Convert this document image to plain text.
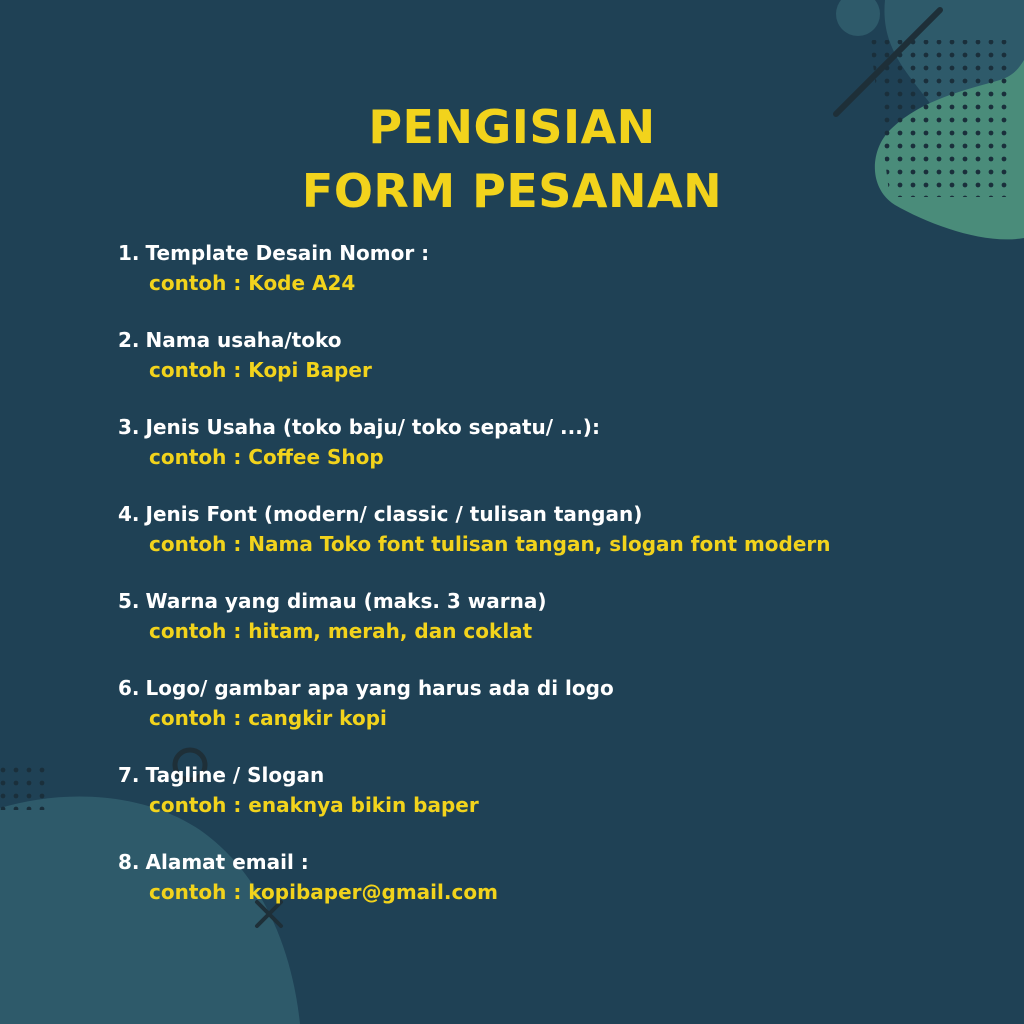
PENGISIAN
FORM PESANAN
1. Template Desain Nomor :
contoh : Kode A24
2. Nama usaha/toko
contoh : Kopi Baper
3. Jenis Usaha (toko baju/ toko sepatu/ ...):
contoh : Coffee Shop
4. Jenis Font (modern/ classic / tulisan tangan)
contoh : Nama Toko font tulisan tangan, slogan font modern
5. Warna yang dimau (maks. 3 warna)
contoh : hitam, merah, dan coklat
6. Logo/ gambar apa yang harus ada di logo
contoh : cangkir kopi
7. Tagline / Slogan
contoh : enaknya bikin baper
8. Alamat email :
contoh : kopibaper@gmail.com
